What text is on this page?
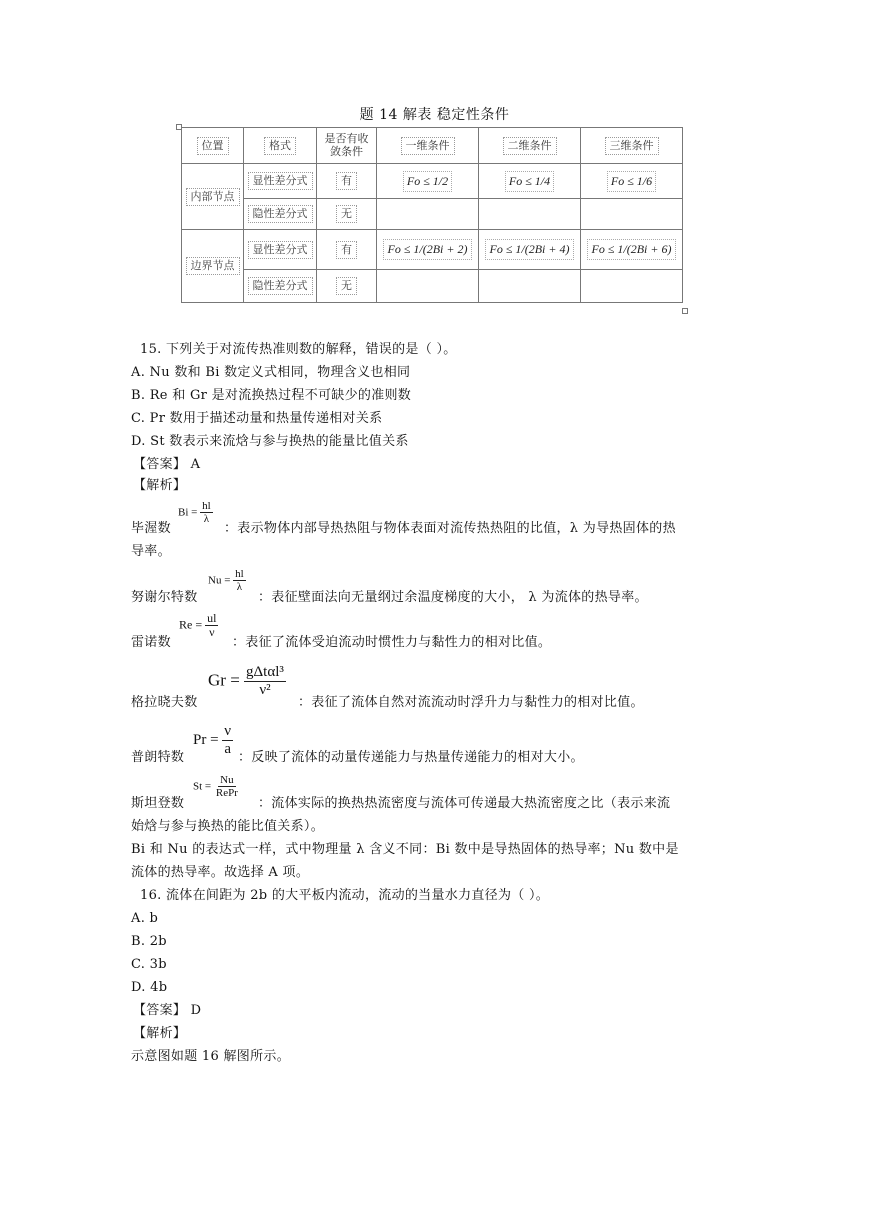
题 14 解表 稳定性条件
位置	格式	是否有收敛条件	一维条件	二维条件	三维条件
内部节点	显性差分式	有	Fo ≤ 1/2	Fo ≤ 1/4	Fo ≤ 1/6
	隐性差分式	无			
边界节点	显性差分式	有	Fo ≤ 1/(2Bi + 2)	Fo ≤ 1/(2Bi + 4)	Fo ≤ 1/(2Bi + 6)
	隐性差分式	无			
15. 下列关于对流传热准则数的解释，错误的是（ ）。
A. Nu 数和 Bi 数定义式相同，物理含义也相同
B. Re 和 Gr 是对流换热过程不可缺少的准则数
C. Pr 数用于描述动量和热量传递相对关系
D. St 数表示来流焓与参与换热的能量比值关系
【答案】 A
【解析】
毕渥数
$Bi = \frac{hl}{\lambda}$
：表示物体内部导热热阻与物体表面对流传热热阻的比值，λ 为导热固体的热
导率。
努谢尔特数
$Nu = \frac{hl}{\lambda}$
：表征壁面法向无量纲过余温度梯度的大小， λ 为流体的热导率。
雷诺数
$Re = \frac{ul}{\nu}$
：表征了流体受迫流动时惯性力与黏性力的相对比值。
格拉晓夫数
$Gr = \frac{\text{gΔtαl³}}{\text{ν²}}$
：表征了流体自然对流流动时浮升力与黏性力的相对比值。
普朗特数
$Pr = \frac{\nu}{a}$ ：反映了流体的动量传递能力与热量传递能力的相对大小。
斯坦登数
$St = \frac{Nu}{\text{RePr}}$
：流体实际的换热热流密度与流体可传递最大热流密度之比（表示来流
始焓与参与换热的能比值关系）。
Bi 和 Nu 的表达式一样，式中物理量 λ 含义不同：Bi 数中是导热固体的热导率；Nu 数中是
流体的热导率。故选择 A 项。
16. 流体在间距为 2b 的大平板内流动，流动的当量水力直径为（ ）。
A. b
B. 2b
C. 3b
D. 4b
【答案】 D
【解析】
示意图如题 16 解图所示。
